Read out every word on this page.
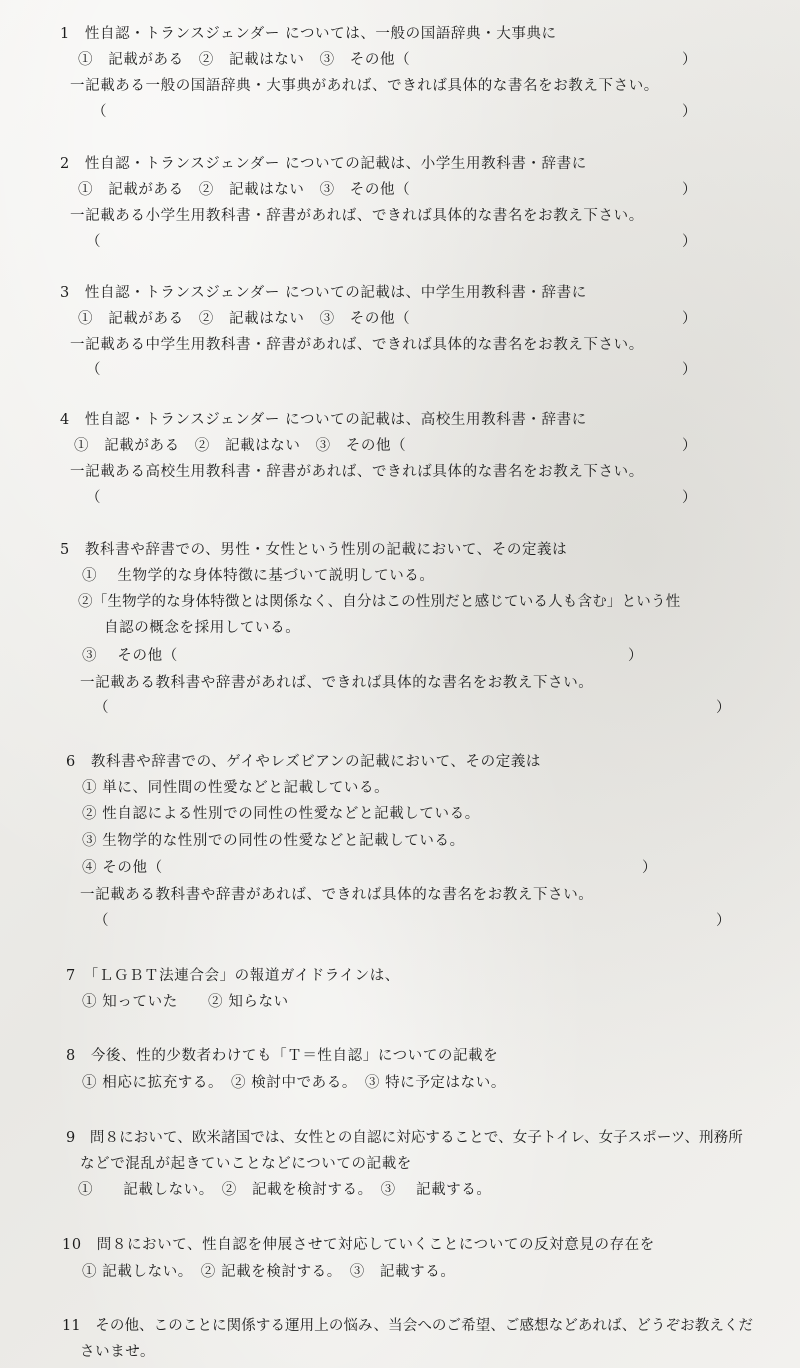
1　性自認・トランスジェンダー については、一般の国語辞典・大事典に
①　記載がある　②　記載はない　③　その他（	）
一記載ある一般の国語辞典・大事典があれば、できれば具体的な書名をお教え下さい。
（	）
2　性自認・トランスジェンダー についての記載は、小学生用教科書・辞書に
①　記載がある　②　記載はない　③　その他（	）
一記載ある小学生用教科書・辞書があれば、できれば具体的な書名をお教え下さい。
（	）
3　性自認・トランスジェンダー についての記載は、中学生用教科書・辞書に
①　記載がある　②　記載はない　③　その他（	）
一記載ある中学生用教科書・辞書があれば、できれば具体的な書名をお教え下さい。
（	）
4　性自認・トランスジェンダー についての記載は、高校生用教科書・辞書に
①　記載がある　②　記載はない　③　その他（	）
一記載ある高校生用教科書・辞書があれば、できれば具体的な書名をお教え下さい。
（	）
5　教科書や辞書での、男性・女性という性別の記載において、その定義は
①　 生物学的な身体特徴に基づいて説明している。
②「生物学的な身体特徴とは関係なく、自分はこの性別だと感じている人も含む」という性
自認の概念を採用している。
③　 その他（	）
一記載ある教科書や辞書があれば、できれば具体的な書名をお教え下さい。
（	）
6　教科書や辞書での、ゲイやレズビアンの記載において、その定義は
① 単に、同性間の性愛などと記載している。
② 性自認による性別での同性の性愛などと記載している。
③ 生物学的な性別での同性の性愛などと記載している。
④ その他（	）
一記載ある教科書や辞書があれば、できれば具体的な書名をお教え下さい。
（	）
7　「ＬＧＢＴ法連合会」の報道ガイドラインは、
① 知っていた　　② 知らない
8　今後、性的少数者わけても「Ｔ＝性自認」についての記載を
① 相応に拡充する。　② 検討中である。　③ 特に予定はない。
9　問８において、欧米諸国では、女性との自認に対応することで、女子トイレ、女子スポーツ、刑務所
などで混乱が起きていことなどについての記載を
①　　記載しない。　②　記載を検討する。　③　 記載する。
10　問８において、性自認を伸展させて対応していくことについての反対意見の存在を
① 記載しない。　② 記載を検討する。　③　記載する。
11　その他、このことに関係する運用上の悩み、当会へのご希望、ご感想などあれば、どうぞお教えくだ
さいませ。
